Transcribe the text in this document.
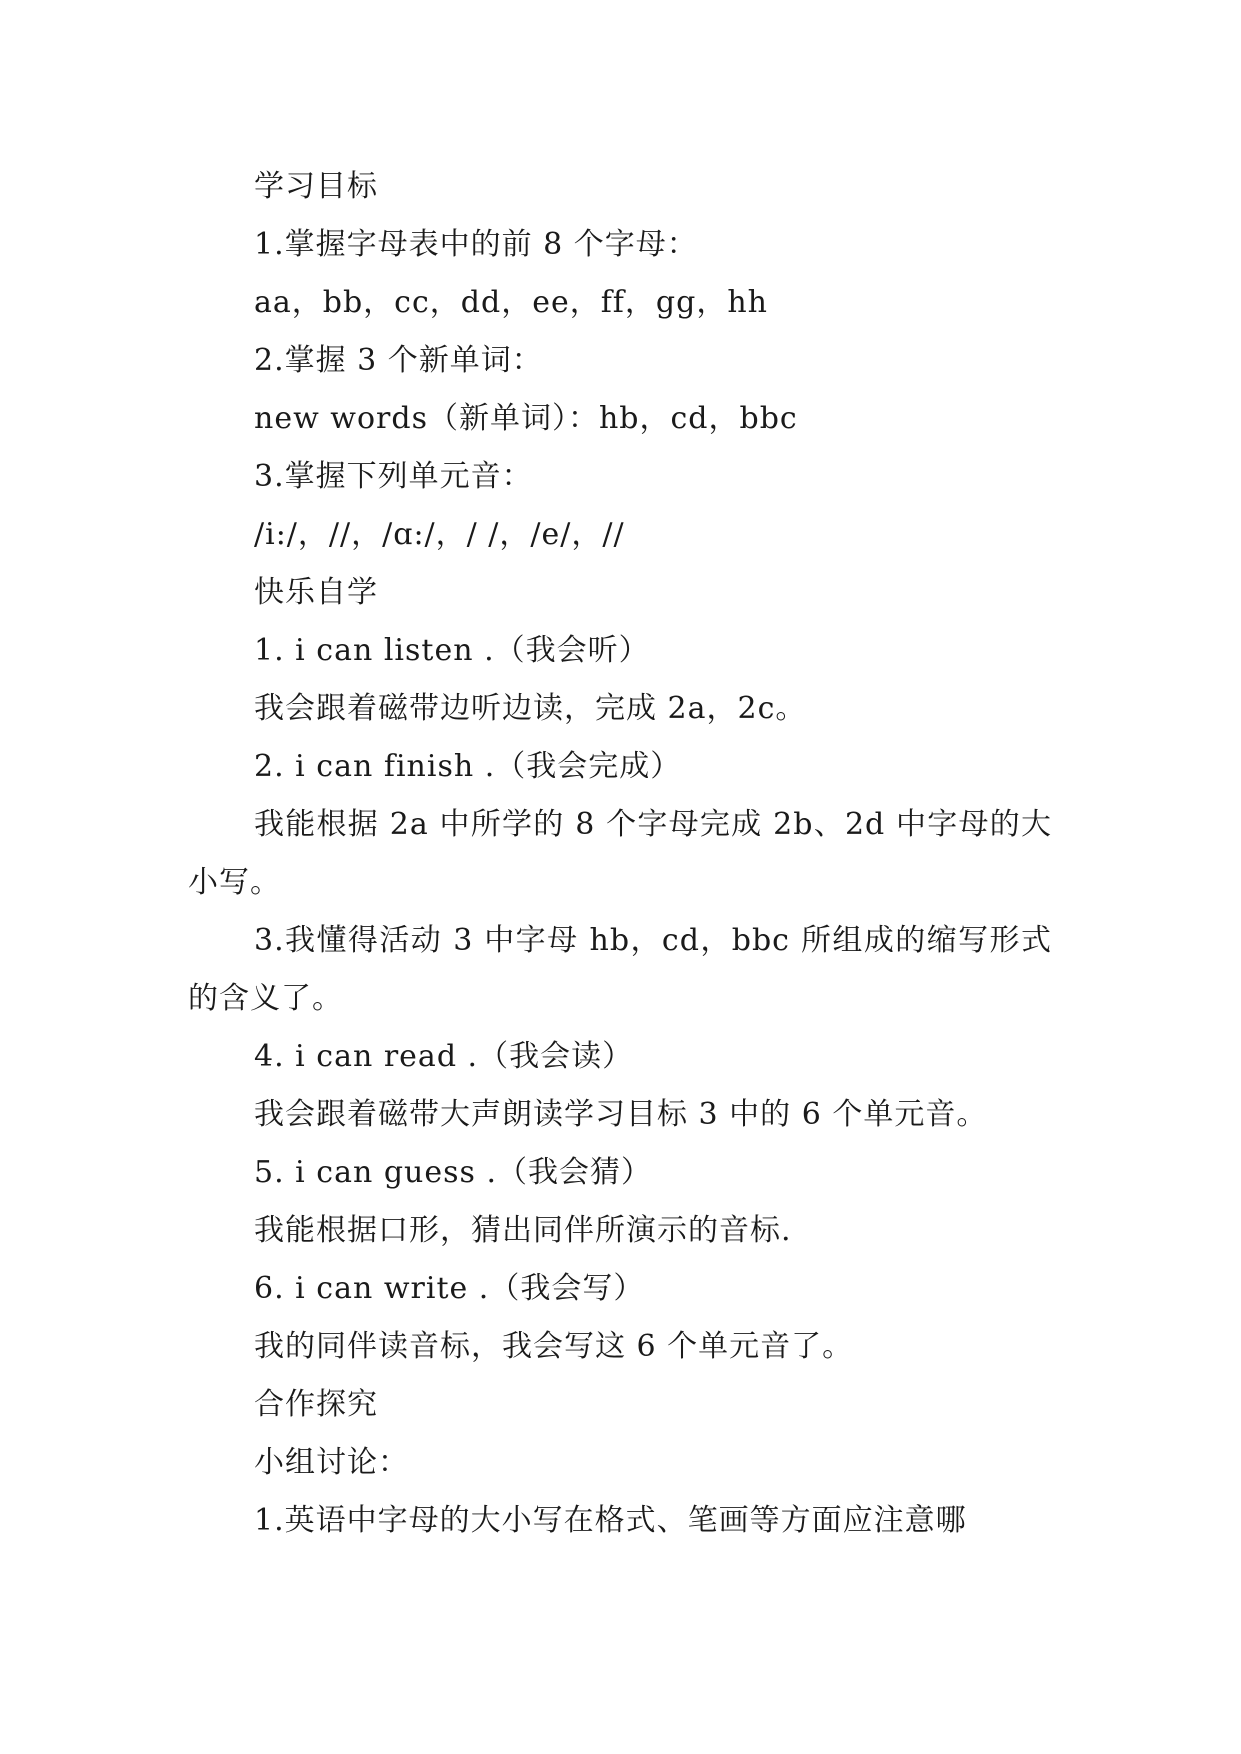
学习目标
1.掌握字母表中的前 8 个字母：
aa，bb，cc，dd，ee，ff，gg，hh
2.掌握 3 个新单词：
new words（新单词）：hb，cd，bbc
3.掌握下列单元音：
/i:/，//，/ɑ:/，/ /，/e/，//
快乐自学
1. i can listen .（我会听）
我会跟着磁带边听边读，完成 2a，2c。
2. i can finish .（我会完成）
我能根据 2a 中所学的 8 个字母完成 2b、2d 中字母的大小写。
3.我懂得活动 3 中字母 hb，cd，bbc 所组成的缩写形式的含义了。
4. i can read .（我会读）
我会跟着磁带大声朗读学习目标 3 中的 6 个单元音。
5. i can guess .（我会猜）
我能根据口形，猜出同伴所演示的音标.
6. i can write .（我会写）
我的同伴读音标，我会写这 6 个单元音了。
合作探究
小组讨论：
1.英语中字母的大小写在格式、笔画等方面应注意哪
